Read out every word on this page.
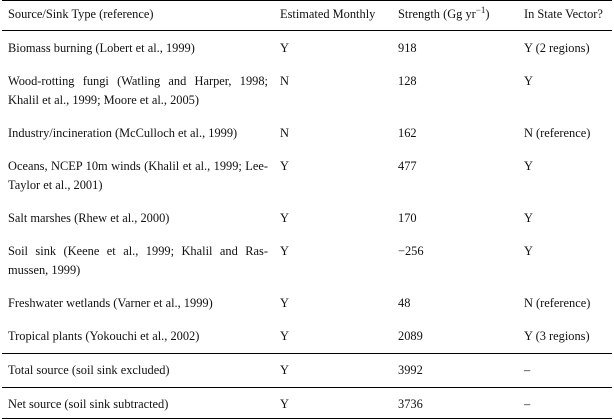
Source/Sink Type (reference)	Estimated Monthly	Strength (Gg $yr^{-1}$)	In State Vector?
Biomass burning (Lobert et al., 1999)	Y	918	Y (2 regions)
Wood-rotting fungi (Watling and Harper, 1998; Khalil et al., 1999; Moore et al., 2005)	N	128	Y
Industry/incineration (McCulloch et al., 1999)	N	162	N (reference)
Oceans, NCEP 10m winds (Khalil et al., 1999; Lee-Taylor et al., 2001)	Y	477	Y
Salt marshes (Rhew et al., 2000)	Y	170	Y
Soil sink (Keene et al., 1999; Khalil and Ras-mussen, 1999)	Y	−256	Y
Freshwater wetlands (Varner et al., 1999)	Y	48	N (reference)
Tropical plants (Yokouchi et al., 2002)	Y	2089	Y (3 regions)
Total source (soil sink excluded)	Y	3992	–
Net source (soil sink subtracted)	Y	3736	–
